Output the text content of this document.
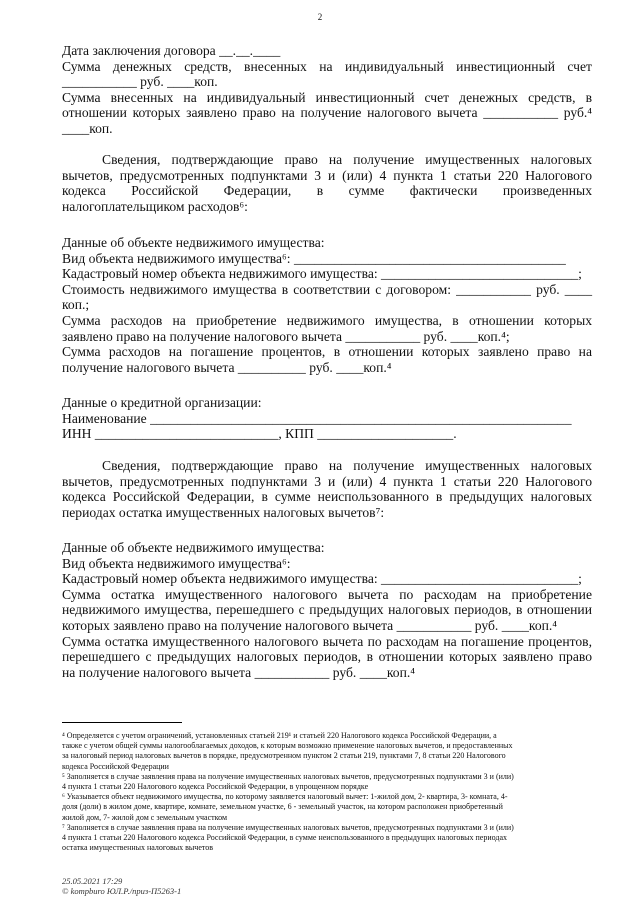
2
Дата заключения договора __.__.____
Сумма денежных средств, внесенных на индивидуальный инвестиционный счет
___________ руб. ____коп.
Сумма внесенных на индивидуальный инвестиционный счет денежных средств, в
отношении которых заявлено право на получение налогового вычета ___________ руб.⁴
____коп.
Сведения, подтверждающие право на получение имущественных налоговых
вычетов, предусмотренных подпунктами 3 и (или) 4 пункта 1 статьи 220 Налогового
кодекса Российской Федерации, в сумме фактически произведенных
налогоплательщиком расходов⁶:
Данные об объекте недвижимого имущества:
Вид объекта недвижимого имущества⁶: ________________________________________
Кадастровый номер объекта недвижимого имущества: _____________________________;
Стоимость недвижимого имущества в соответствии с договором: ___________ руб. ____
коп.;
Сумма расходов на приобретение недвижимого имущества, в отношении которых
заявлено право на получение налогового вычета ___________ руб. ____коп.⁴;
Сумма расходов на погашение процентов, в отношении которых заявлено право на
получение налогового вычета __________ руб. ____коп.⁴
Данные о кредитной организации:
Наименование ______________________________________________________________
ИНН ___________________________, КПП ____________________.
Сведения, подтверждающие право на получение имущественных налоговых
вычетов, предусмотренных подпунктами 3 и (или) 4 пункта 1 статьи 220 Налогового
кодекса Российской Федерации, в сумме неиспользованного в предыдущих налоговых
периодах остатка имущественных налоговых вычетов⁷:
Данные об объекте недвижимого имущества:
Вид объекта недвижимого имущества⁶:
Кадастровый номер объекта недвижимого имущества: _____________________________;
Сумма остатка имущественного налогового вычета по расходам на приобретение
недвижимого имущества, перешедшего с предыдущих налоговых периодов, в отношении
которых заявлено право на получение налогового вычета ___________ руб. ____коп.⁴
Сумма остатка имущественного налогового вычета по расходам на погашение процентов,
перешедшего с предыдущих налоговых периодов, в отношении которых заявлено право
на получение налогового вычета ___________ руб. ____коп.⁴
⁴ Определяется с учетом ограничений, установленных статьей 219¹ и статьей 220 Налогового кодекса Российской Федерации, а
также с учетом общей суммы налогооблагаемых доходов, к которым возможно применение налоговых вычетов, и предоставленных
за налоговый период налоговых вычетов в порядке, предусмотренном пунктом 2 статьи 219, пунктами 7, 8 статьи 220 Налогового
кодекса Российской Федерации
⁵ Заполняется в случае заявления права на получение имущественных налоговых вычетов, предусмотренных подпунктами 3 и (или)
4 пункта 1 статьи 220 Налогового кодекса Российской Федерации, в упрощенном порядке
⁶ Указывается объект недвижимого имущества, по которому заявляется налоговый вычет: 1-жилой дом, 2- квартира, 3- комната, 4-
доля (доли) в жилом доме, квартире, комнате, земельном участке, 6 - земельный участок, на котором расположен приобретенный
жилой дом, 7- жилой дом с земельным участком
⁷ Заполняется в случае заявления права на получение имущественных налоговых вычетов, предусмотренных подпунктами 3 и (или)
4 пункта 1 статьи 220 Налогового кодекса Российской Федерации, в сумме неиспользованного в предыдущих налоговых периодах
остатка имущественных налоговых вычетов
25.05.2021 17:29
© kompburo ЮЛ.Р./приз-П5263-1
